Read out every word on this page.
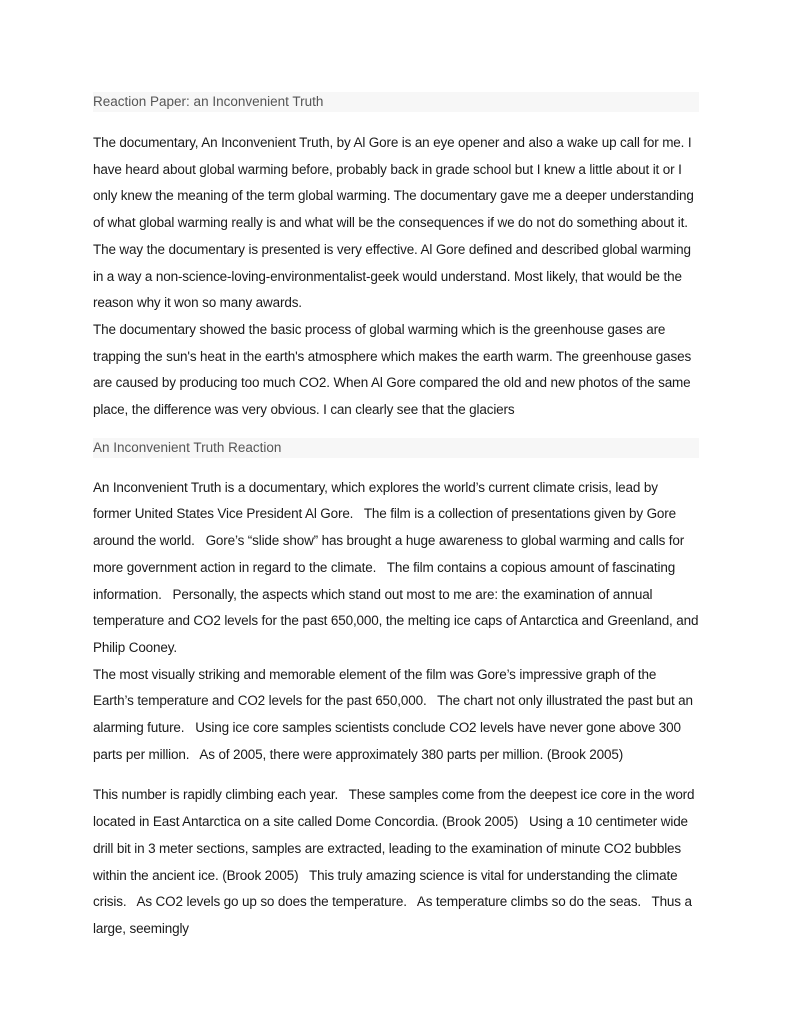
Reaction Paper: an Inconvenient Truth

The documentary, An Inconvenient Truth, by Al Gore is an eye opener and also a wake up call for me. I have heard about global warming before, probably back in grade school but I knew a little about it or I only knew the meaning of the term global warming. The documentary gave me a deeper understanding of what global warming really is and what will be the consequences if we do not do something about it. The way the documentary is presented is very effective. Al Gore defined and described global warming in a way a non-science-loving-environmentalist-geek would understand. Most likely, that would be the reason why it won so many awards.

The documentary showed the basic process of global warming which is the greenhouse gases are trapping the sun's heat in the earth's atmosphere which makes the earth warm. The greenhouse gases are caused by producing too much CO2. When Al Gore compared the old and new photos of the same place, the difference was very obvious. I can clearly see that the glaciers

An Inconvenient Truth Reaction

An Inconvenient Truth is a documentary, which explores the world’s current climate crisis, lead by former United States Vice President Al Gore.   The film is a collection of presentations given by Gore around the world.   Gore’s “slide show” has brought a huge awareness to global warming and calls for more government action in regard to the climate.   The film contains a copious amount of fascinating information.   Personally, the aspects which stand out most to me are: the examination of annual temperature and CO2 levels for the past 650,000, the melting ice caps of Antarctica and Greenland, and Philip Cooney.

The most visually striking and memorable element of the film was Gore’s impressive graph of the Earth’s temperature and CO2 levels for the past 650,000.   The chart not only illustrated the past but an alarming future.   Using ice core samples scientists conclude CO2 levels have never gone above 300 parts per million.   As of 2005, there were approximately 380 parts per million. (Brook 2005)

This number is rapidly climbing each year.   These samples come from the deepest ice core in the word located in East Antarctica on a site called Dome Concordia. (Brook 2005)   Using a 10 centimeter wide drill bit in 3 meter sections, samples are extracted, leading to the examination of minute CO2 bubbles within the ancient ice. (Brook 2005)   This truly amazing science is vital for understanding the climate crisis.   As CO2 levels go up so does the temperature.   As temperature climbs so do the seas.   Thus a large, seemingly
